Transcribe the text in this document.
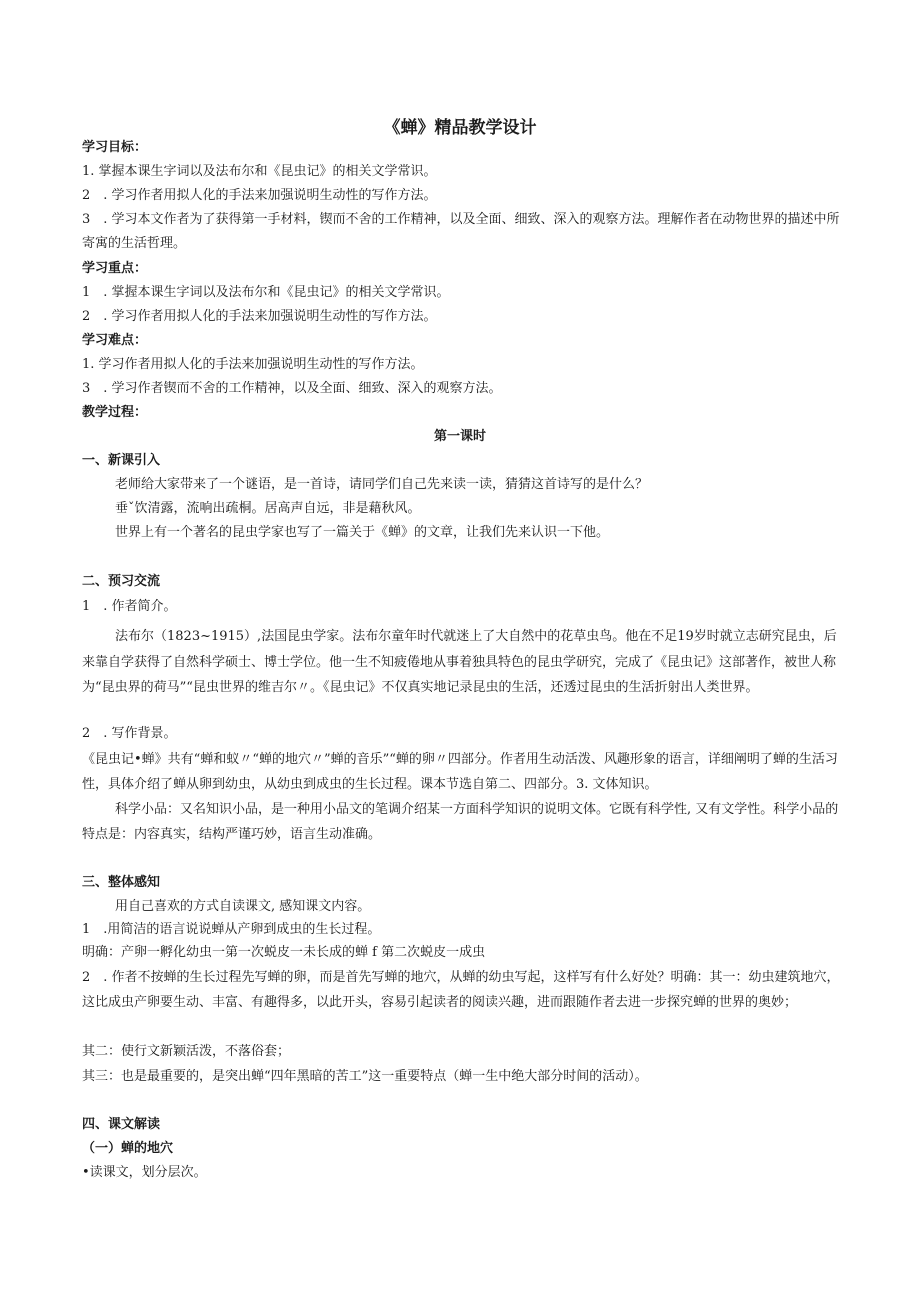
《蝉》精品教学设计

学习目标：

1. 掌握本课生字词以及法布尔和《昆虫记》的相关文学常识。

2　. 学习作者用拟人化的手法来加强说明生动性的写作方法。

3　. 学习本文作者为了获得第一手材料，锲而不舍的工作精神，以及全面、细致、深入的观察方法。理解作者在动物世界的描述中所寄寓的生活哲理。

学习重点：

1　. 掌握本课生字词以及法布尔和《昆虫记》的相关文学常识。

2　. 学习作者用拟人化的手法来加强说明生动性的写作方法。

学习难点：

1. 学习作者用拟人化的手法来加强说明生动性的写作方法。

3　. 学习作者锲而不舍的工作精神，以及全面、细致、深入的观察方法。

教学过程：

第一课时

一、新课引入

老师给大家带来了一个谜语，是一首诗，请同学们自己先来读一读，猜猜这首诗写的是什么？

垂ˇ饮清露，流响出疏桐。居高声自远，非是藉秋风。

世界上有一个著名的昆虫学家也写了一篇关于《蝉》的文章，让我们先来认识一下他。

二、预习交流

1　. 作者简介。

法布尔（1823~1915）,法国昆虫学家。法布尔童年时代就迷上了大自然中的花草虫鸟。他在不足19岁时就立志研究昆虫，后来靠自学获得了自然科学硕士、博士学位。他一生不知疲倦地从事着独具特色的昆虫学研究，完成了《昆虫记》这部著作，被世人称为“昆虫界的荷马”“昆虫世界的维吉尔〃。《昆虫记》不仅真实地记录昆虫的生活，还透过昆虫的生活折射出人类世界。

2　. 写作背景。

《昆虫记•蝉》共有“蝉和蚁〃“蝉的地穴〃”蝉的音乐”“蝉的卵〃四部分。作者用生动活泼、风趣形象的语言，详细阐明了蝉的生活习性，具体介绍了蝉从卵到幼虫，从幼虫到成虫的生长过程。课本节选自第二、四部分。3. 文体知识。

科学小品：又名知识小品，是一种用小品文的笔调介绍某一方面科学知识的说明文体。它既有科学性, 又有文学性。科学小品的特点是：内容真实，结构严谨巧妙，语言生动准确。

三、整体感知

用自己喜欢的方式自读课文, 感知课文内容。

1　.用简洁的语言说说蝉从产卵到成虫的生长过程。

明确：产卵一孵化幼虫一第一次蜕皮一未长成的蝉 f 第二次蜕皮一成虫

2　. 作者不按蝉的生长过程先写蝉的卵，而是首先写蝉的地穴，从蝉的幼虫写起，这样写有什么好处？明确：其一：幼虫建筑地穴，这比成虫产卵要生动、丰富、有趣得多，以此开头，容易引起读者的阅读兴趣，进而跟随作者去进一步探究蝉的世界的奥妙；

其二：使行文新颖活泼，不落俗套；

其三：也是最重要的，是突出蝉“四年黑暗的苦工”这一重要特点（蝉一生中绝大部分时间的活动）。

四、课文解读

（一）蝉的地穴

•读课文，划分层次。
